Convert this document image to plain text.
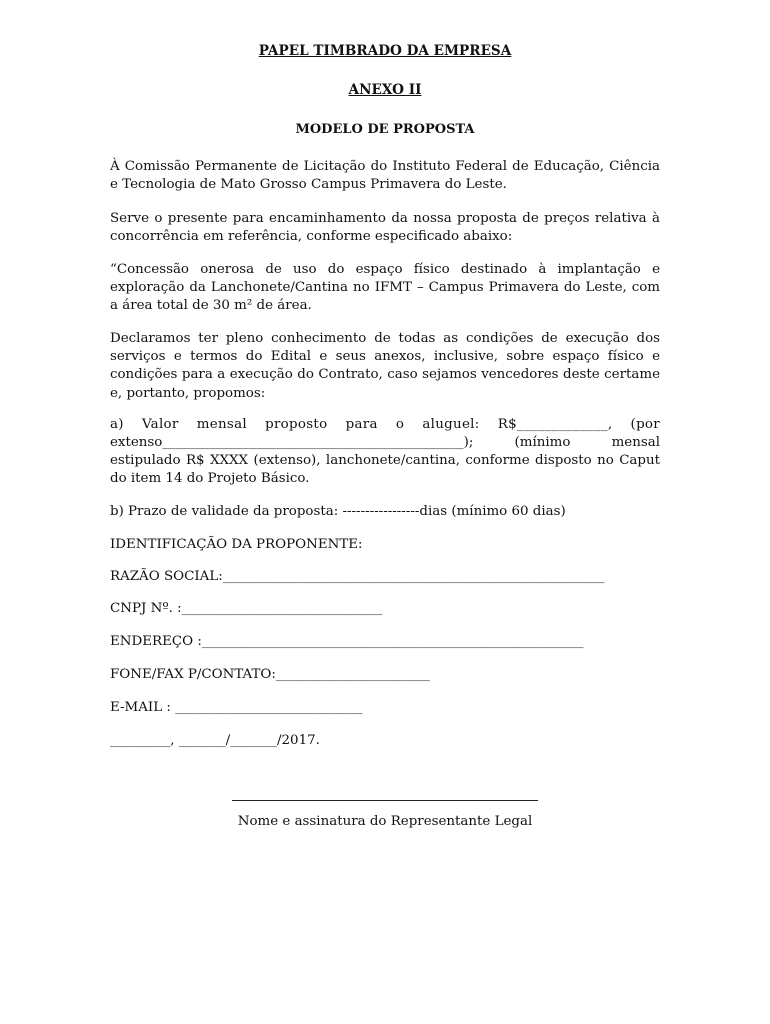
PAPEL TIMBRADO DA EMPRESA
ANEXO II
MODELO DE PROPOSTA
À Comissão Permanente de Licitação do Instituto Federal de Educação, Ciência e Tecnologia de Mato Grosso Campus Primavera do Leste.
Serve o presente para encaminhamento da nossa proposta de preços relativa à concorrência em referência, conforme especificado abaixo:
“Concessão onerosa de uso do espaço físico destinado à implantação e exploração da Lanchonete/Cantina no IFMT – Campus Primavera do Leste, com a área total de 30 m² de área.
Declaramos ter pleno conhecimento de todas as condições de execução dos serviços e termos do Edital e seus anexos, inclusive, sobre espaço físico e condições para a execução do Contrato, caso sejamos vencedores deste certame e, portanto, propomos:
a) Valor mensal proposto para o aluguel: R$_____________, (por
extenso_____________________________________________); (mínimo mensal
estipulado R$ XXXX (extenso), lanchonete/cantina, conforme disposto no Caput do item 14 do Projeto Básico.
b) Prazo de validade da proposta: -----------------dias (mínimo 60 dias)
IDENTIFICAÇÃO DA PROPONENTE:
RAZÃO SOCIAL:_________________________________________________________
CNPJ Nº. :______________________________
ENDEREÇO :_________________________________________________________
FONE/FAX P/CONTATO:_______________________
E-MAIL : ____________________________
_________, _______/_______/2017.
Nome e assinatura do Representante Legal
